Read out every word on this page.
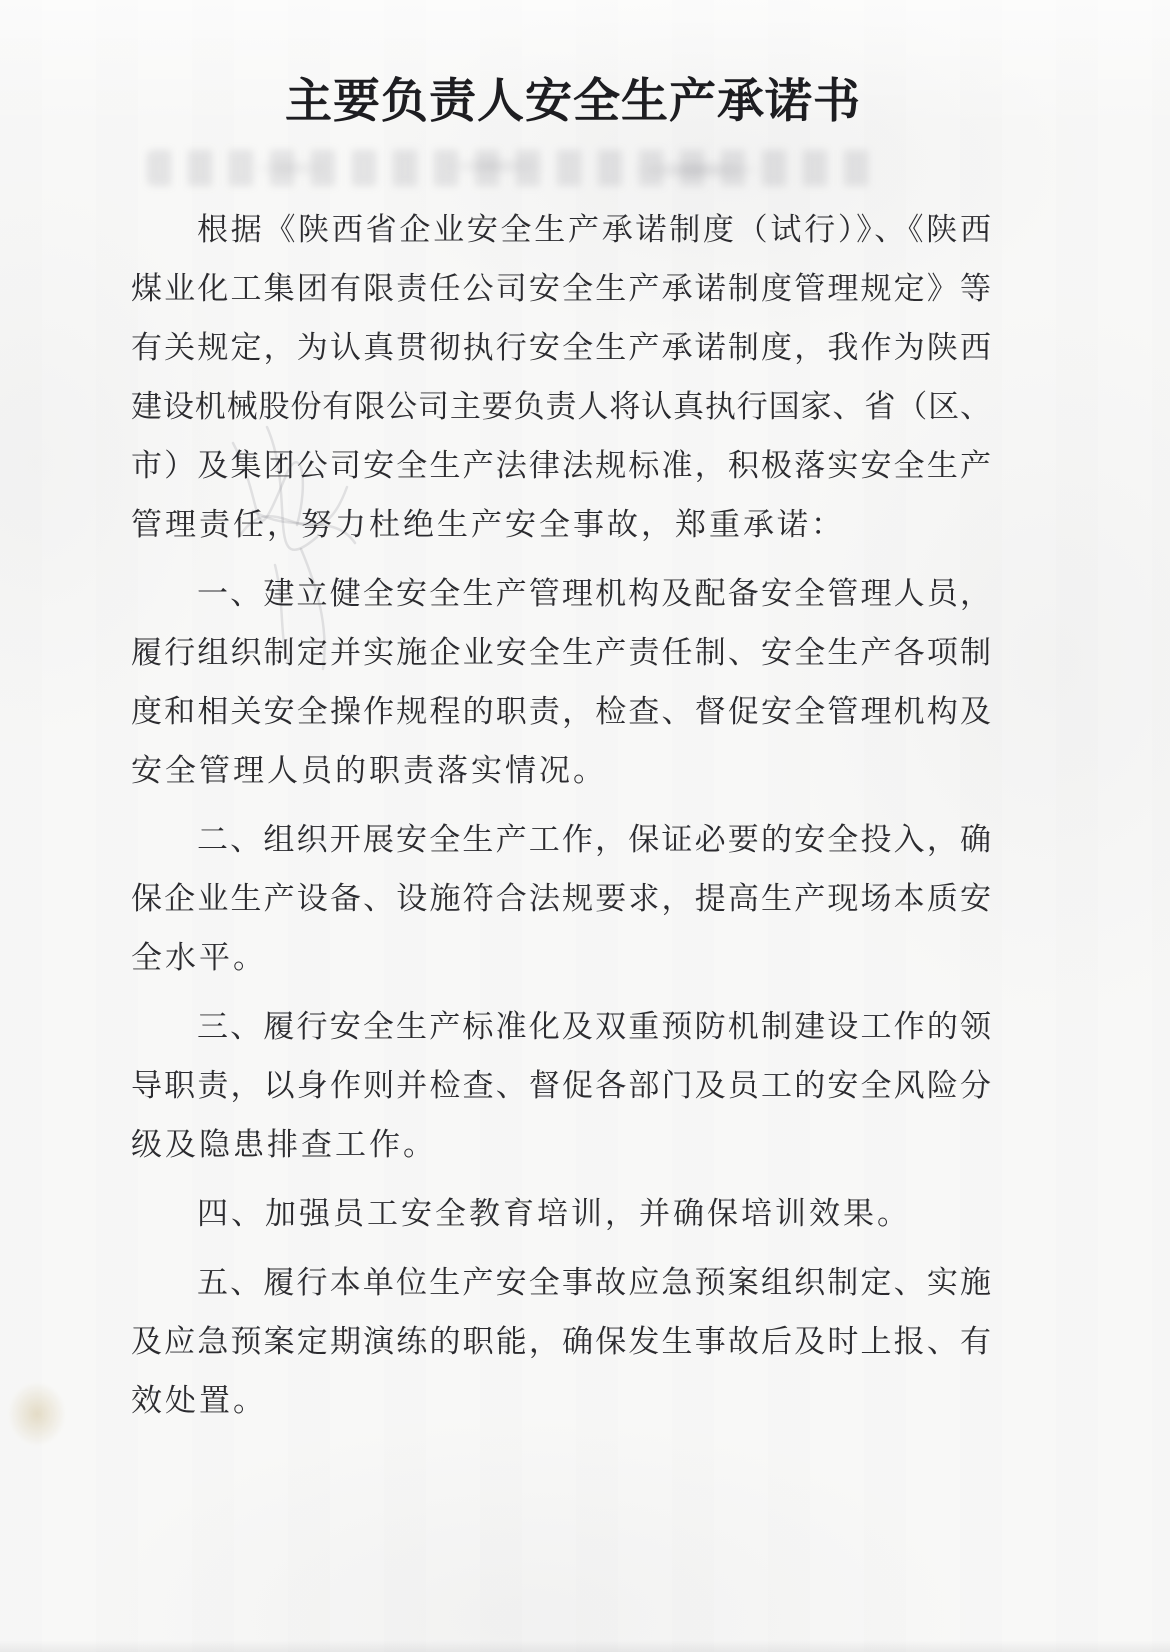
主要负责人安全生产承诺书

根据《陕西省企业安全生产承诺制度（试行）》、《陕西
煤业化工集团有限责任公司安全生产承诺制度管理规定》等
有关规定，为认真贯彻执行安全生产承诺制度，我作为陕西
建设机械股份有限公司主要负责人将认真执行国家、省（区、
市）及集团公司安全生产法律法规标准，积极落实安全生产
管理责任，努力杜绝生产安全事故，郑重承诺：

一、建立健全安全生产管理机构及配备安全管理人员，
履行组织制定并实施企业安全生产责任制、安全生产各项制
度和相关安全操作规程的职责，检查、督促安全管理机构及
安全管理人员的职责落实情况。

二、组织开展安全生产工作，保证必要的安全投入，确
保企业生产设备、设施符合法规要求，提高生产现场本质安
全水平。

三、履行安全生产标准化及双重预防机制建设工作的领
导职责，以身作则并检查、督促各部门及员工的安全风险分
级及隐患排查工作。

四、加强员工安全教育培训，并确保培训效果。

五、履行本单位生产安全事故应急预案组织制定、实施
及应急预案定期演练的职能，确保发生事故后及时上报、有
效处置。
